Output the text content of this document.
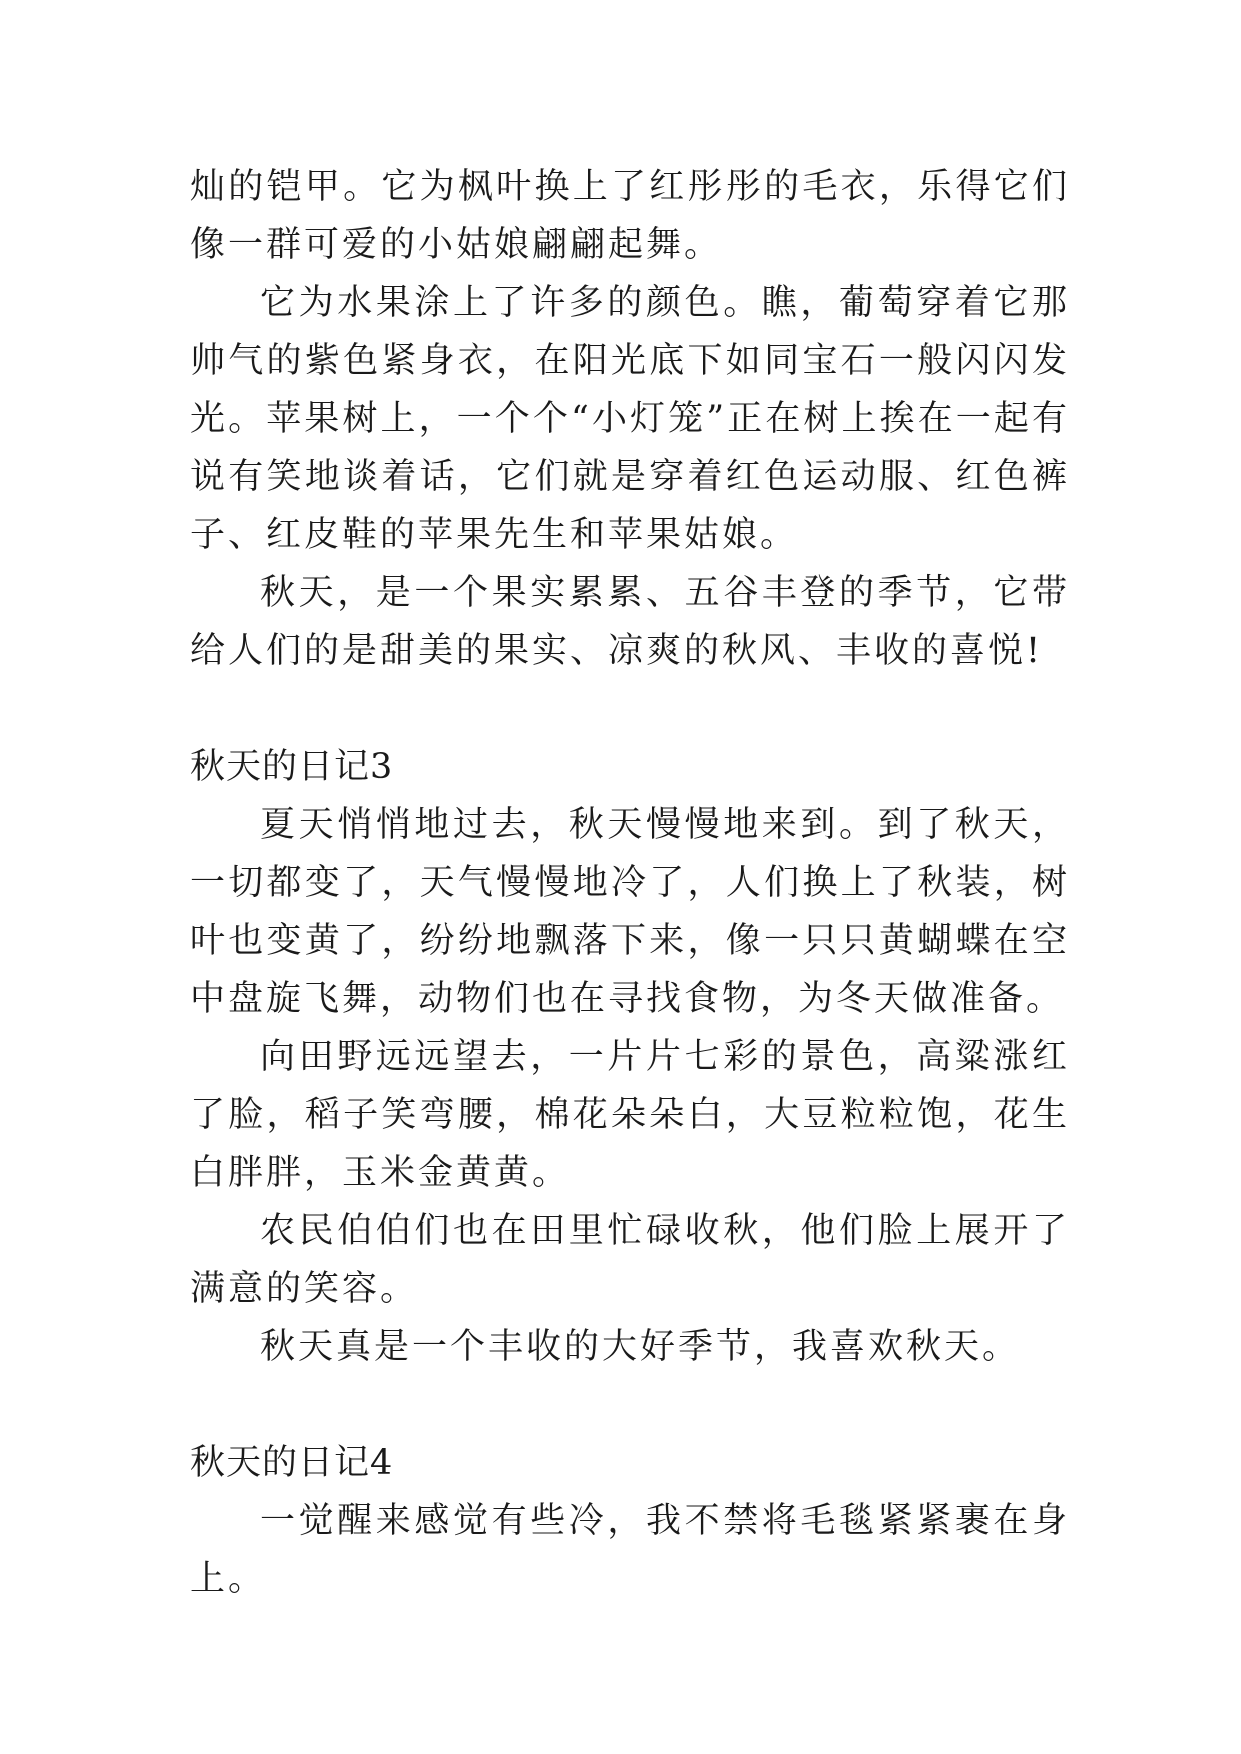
灿的铠甲。它为枫叶换上了红彤彤的毛衣，乐得它们像一群可爱的小姑娘翩翩起舞。

它为水果涂上了许多的颜色。瞧，葡萄穿着它那帅气的紫色紧身衣，在阳光底下如同宝石一般闪闪发光。苹果树上，一个个“小灯笼”正在树上挨在一起有说有笑地谈着话，它们就是穿着红色运动服、红色裤子、红皮鞋的苹果先生和苹果姑娘。

秋天，是一个果实累累、五谷丰登的季节，它带给人们的是甜美的果实、凉爽的秋风、丰收的喜悦!

秋天的日记3

夏天悄悄地过去，秋天慢慢地来到。到了秋天，一切都变了，天气慢慢地冷了，人们换上了秋装，树叶也变黄了，纷纷地飘落下来，像一只只黄蝴蝶在空中盘旋飞舞，动物们也在寻找食物，为冬天做准备。

向田野远远望去，一片片七彩的景色，高粱涨红了脸，稻子笑弯腰，棉花朵朵白，大豆粒粒饱，花生白胖胖，玉米金黄黄。

农民伯伯们也在田里忙碌收秋，他们脸上展开了满意的笑容。

秋天真是一个丰收的大好季节，我喜欢秋天。

秋天的日记4

一觉醒来感觉有些冷，我不禁将毛毯紧紧裹在身上。
